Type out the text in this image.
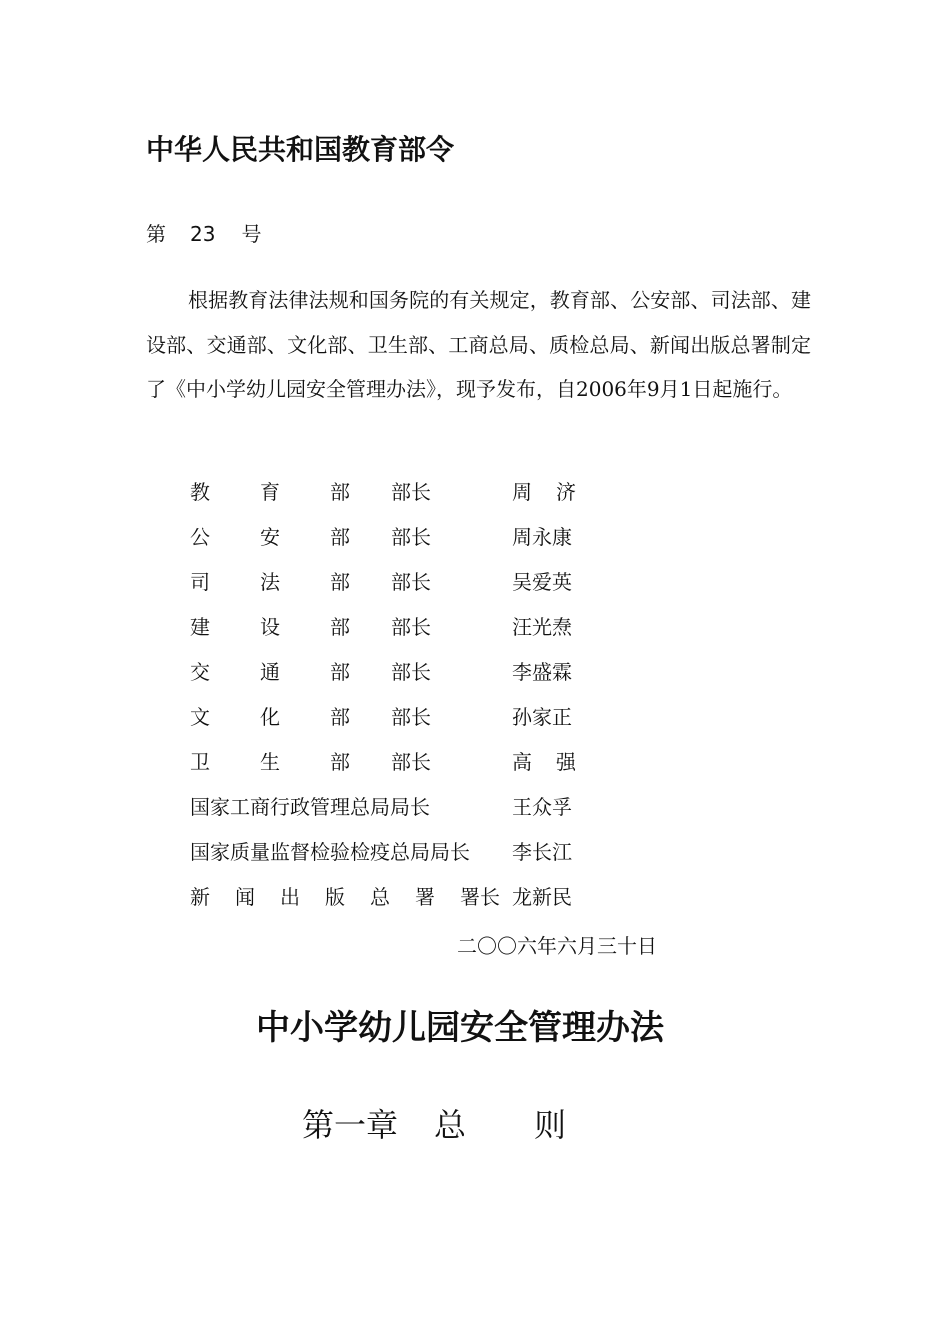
中华人民共和国教育部令
第 23 号

根据教育法律法规和国务院的有关规定，教育部、公安部、司法部、建设部、交通部、文化部、卫生部、工商总局、质检总局、新闻出版总署制定了《中小学幼儿园安全管理办法》，现予发布，自2006年9月1日起施行。

教	育	部 部长	周 济
公	安	部 部长	周永康
司	法	部 部长	吴爱英
建	设	部 部长	汪光焘
交	通	部 部长	李盛霖
文	化	部 部长	孙家正
卫	生	部 部长	高 强
国家工商行政管理总局局长	王众孚
国家质量监督检验检疫总局局长 李长江
新 闻 出 版 总 署 署长 龙新民
二〇〇六年六月三十日
中小学幼儿园安全管理办法
第一章 总 则
